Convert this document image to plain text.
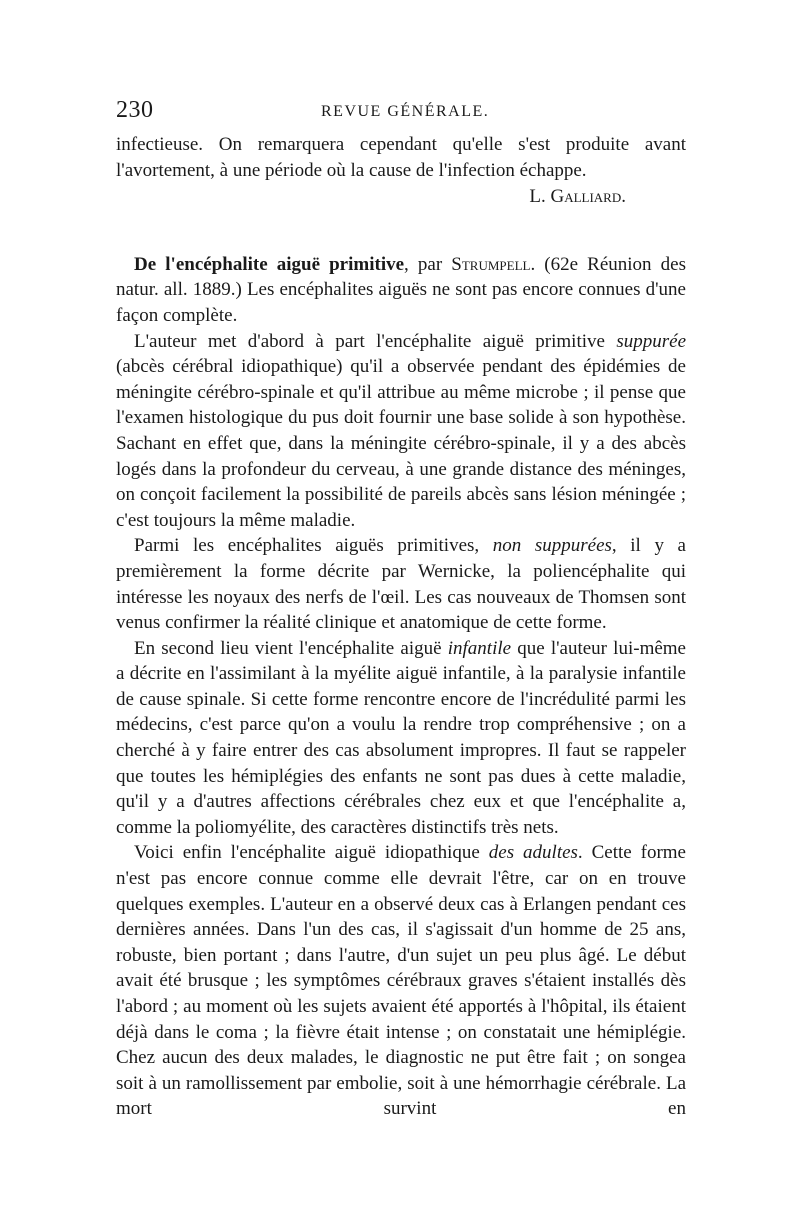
230	REVUE GÉNÉRALE.

infectieuse. On remarquera cependant qu'elle s'est produite avant l'avortement, à une période où la cause de l'infection échappe.

L. Galliard.

De l'encéphalite aiguë primitive, par Strumpell. (62e Réunion des natur. all. 1889.) Les encéphalites aiguës ne sont pas encore connues d'une façon complète.

L'auteur met d'abord à part l'encéphalite aiguë primitive suppurée (abcès cérébral idiopathique) qu'il a observée pendant des épidémies de méningite cérébro-spinale et qu'il attribue au même microbe ; il pense que l'examen histologique du pus doit fournir une base solide à son hypothèse. Sachant en effet que, dans la méningite cérébro-spinale, il y a des abcès logés dans la profondeur du cerveau, à une grande distance des méninges, on conçoit facilement la possibilité de pareils abcès sans lésion méningée ; c'est toujours la même maladie.

Parmi les encéphalites aiguës primitives, non suppurées, il y a premièrement la forme décrite par Wernicke, la poliencéphalite qui intéresse les noyaux des nerfs de l'œil. Les cas nouveaux de Thomsen sont venus confirmer la réalité clinique et anatomique de cette forme.

En second lieu vient l'encéphalite aiguë infantile que l'auteur lui-même a décrite en l'assimilant à la myélite aiguë infantile, à la paralysie infantile de cause spinale. Si cette forme rencontre encore de l'incrédulité parmi les médecins, c'est parce qu'on a voulu la rendre trop compréhensive ; on a cherché à y faire entrer des cas absolument impropres. Il faut se rappeler que toutes les hémiplégies des enfants ne sont pas dues à cette maladie, qu'il y a d'autres affections cérébrales chez eux et que l'encéphalite a, comme la poliomyélite, des caractères distinctifs très nets.

Voici enfin l'encéphalite aiguë idiopathique des adultes. Cette forme n'est pas encore connue comme elle devrait l'être, car on en trouve quelques exemples. L'auteur en a observé deux cas à Erlangen pendant ces dernières années. Dans l'un des cas, il s'agissait d'un homme de 25 ans, robuste, bien portant ; dans l'autre, d'un sujet un peu plus âgé. Le début avait été brusque ; les symptômes cérébraux graves s'étaient installés dès l'abord ; au moment où les sujets avaient été apportés à l'hôpital, ils étaient déjà dans le coma ; la fièvre était intense ; on constatait une hémiplégie. Chez aucun des deux malades, le diagnostic ne put être fait ; on songea soit à un ramollissement par embolie, soit à une hémorrhagie cérébrale. La mort survint en
